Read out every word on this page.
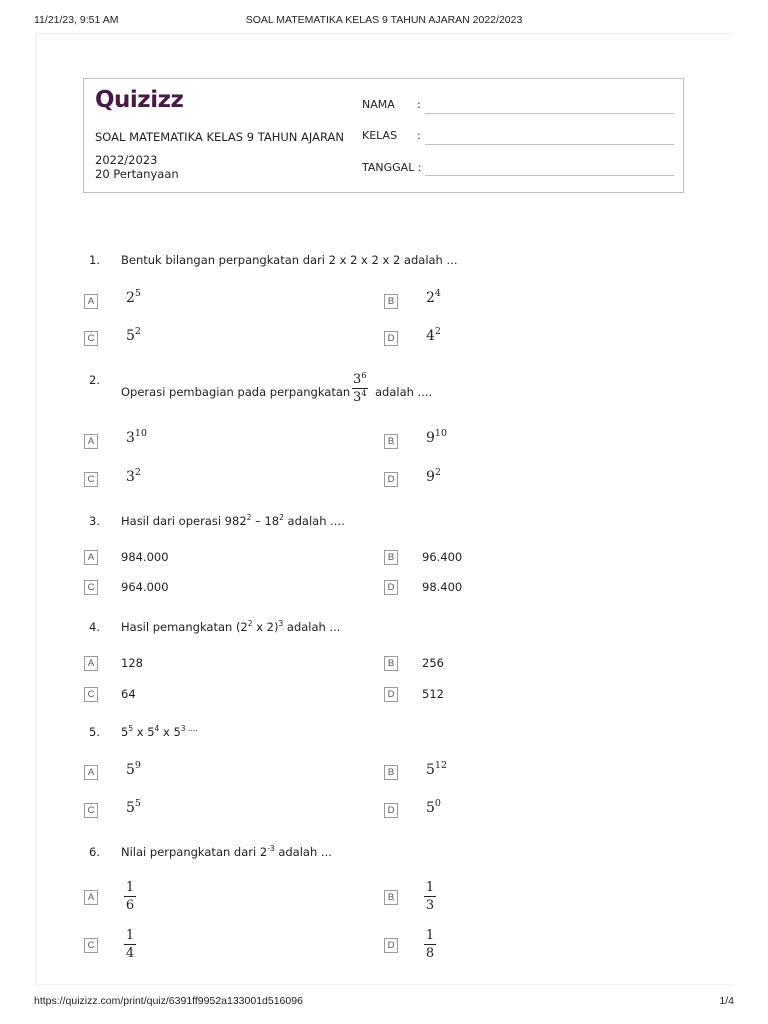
11/21/23, 9:51 AM	SOAL MATEMATIKA KELAS 9 TAHUN AJARAN 2022/2023
https://quizizz.com/print/quiz/6391ff9952a133001d516096	1/4
Quizizz
SOAL MATEMATIKA KELAS 9 TAHUN AJARAN
2022/2023
20 Pertanyaan
NAMA :
KELAS :
TANGGAL :
1. Bentuk bilangan perpangkatan dari 2 x 2 x 2 x 2 adalah ...
A $2^5$
B $2^4$
C $5^2$
D $4^2$
2.
Operasi pembagian pada perpangkatan
$3^6$
$3^4$ adalah ....
A $3^{10}$
B $9^{10}$
C $3^2$
D $9^2$
3. Hasil dari operasi $982^2 - 18^2$ adalah ....
A	984.000	B	96.400
C	964.000	D	98.400
4. Hasil pemangkatan ($2^2$ x 2)$^3$ adalah ...
A	128	B	256
C	64	D	512
5. $5^5$ x $5^4$ x $5^3$ ....
A $5^9$
B $5^{12}$
C $5^5$
D $5^0$
6. Nilai perpangkatan dari $2^{-3}$ adalah ...
A
1
6
B
1
3
C
1
4
D
1
8
